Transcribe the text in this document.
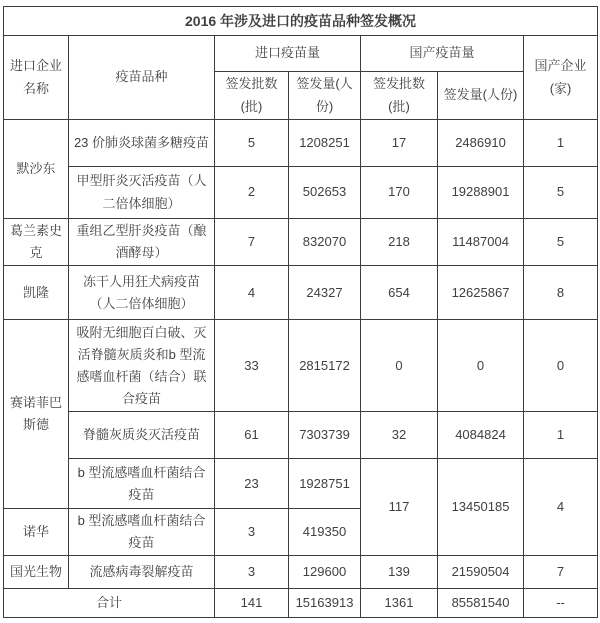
2016 年涉及进口的疫苗品种签发概况						
进口企业名称	疫苗品种	进口疫苗量		国产疫苗量		国产企业(家)
		签发批数(批)	签发量(人份)	签发批数(批)	签发量(人份)	
默沙东	23 价肺炎球菌多糖疫苗	5	1208251	17	2486910	1
	甲型肝炎灭活疫苗（人二倍体细胞）	2	502653	170	19288901	5
葛兰素史克	重组乙型肝炎疫苗（酿酒酵母）	7	832070	218	11487004	5
凯隆	冻干人用狂犬病疫苗（人二倍体细胞）	4	24327	654	12625867	8
赛诺菲巴斯德	吸附无细胞百白破、灭活脊髓灰质炎和b 型流感嗜血杆菌（结合）联合疫苗	33	2815172	0	0	0
	脊髓灰质炎灭活疫苗	61	7303739	32	4084824	1
	b 型流感嗜血杆菌结合疫苗	23	1928751	117	13450185	4
诺华	b 型流感嗜血杆菌结合疫苗	3	419350			
国光生物	流感病毒裂解疫苗	3	129600	139	21590504	7
合计		141	15163913	1361	85581540	--
